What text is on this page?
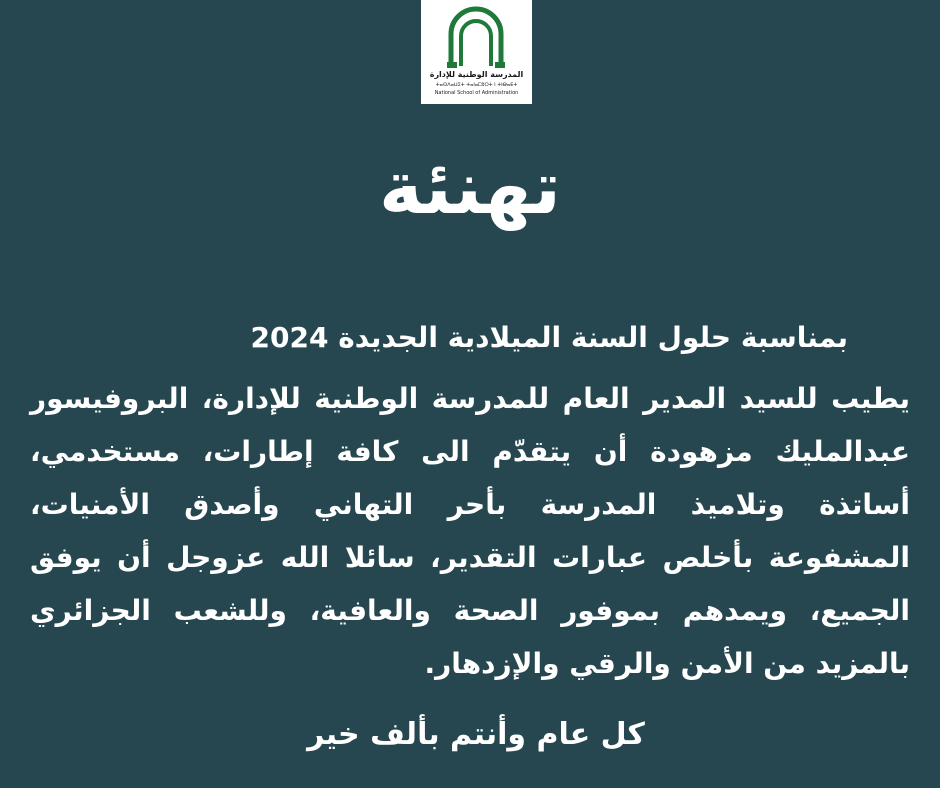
المدرسة الوطنية للإدارة
ⵜⴰⵙⴷⴰⵡⵉⵜ ⵜⴰⵏⴰⵎⵓⵔⵜ ⵏ ⵜⵏⴱⴰⴹⵜ
National School of Administration
تهنئة
بمناسبة حلول السنة الميلادية الجديدة 2024
يطيب للسيد المدير العام للمدرسة الوطنية للإدارة، البروفيسور عبدالمليك مزهودة أن يتقدّم الى كافة إطارات، مستخدمي، أساتذة وتلاميذ المدرسة بأحر التهاني وأصدق الأمنيات، المشفوعة بأخلص عبارات التقدير، سائلا الله عزوجل أن يوفق الجميع، ويمدهم بموفور الصحة والعافية، وللشعب الجزائري بالمزيد من الأمن والرقي والإزدهار.
كل عام وأنتم بألف خير
